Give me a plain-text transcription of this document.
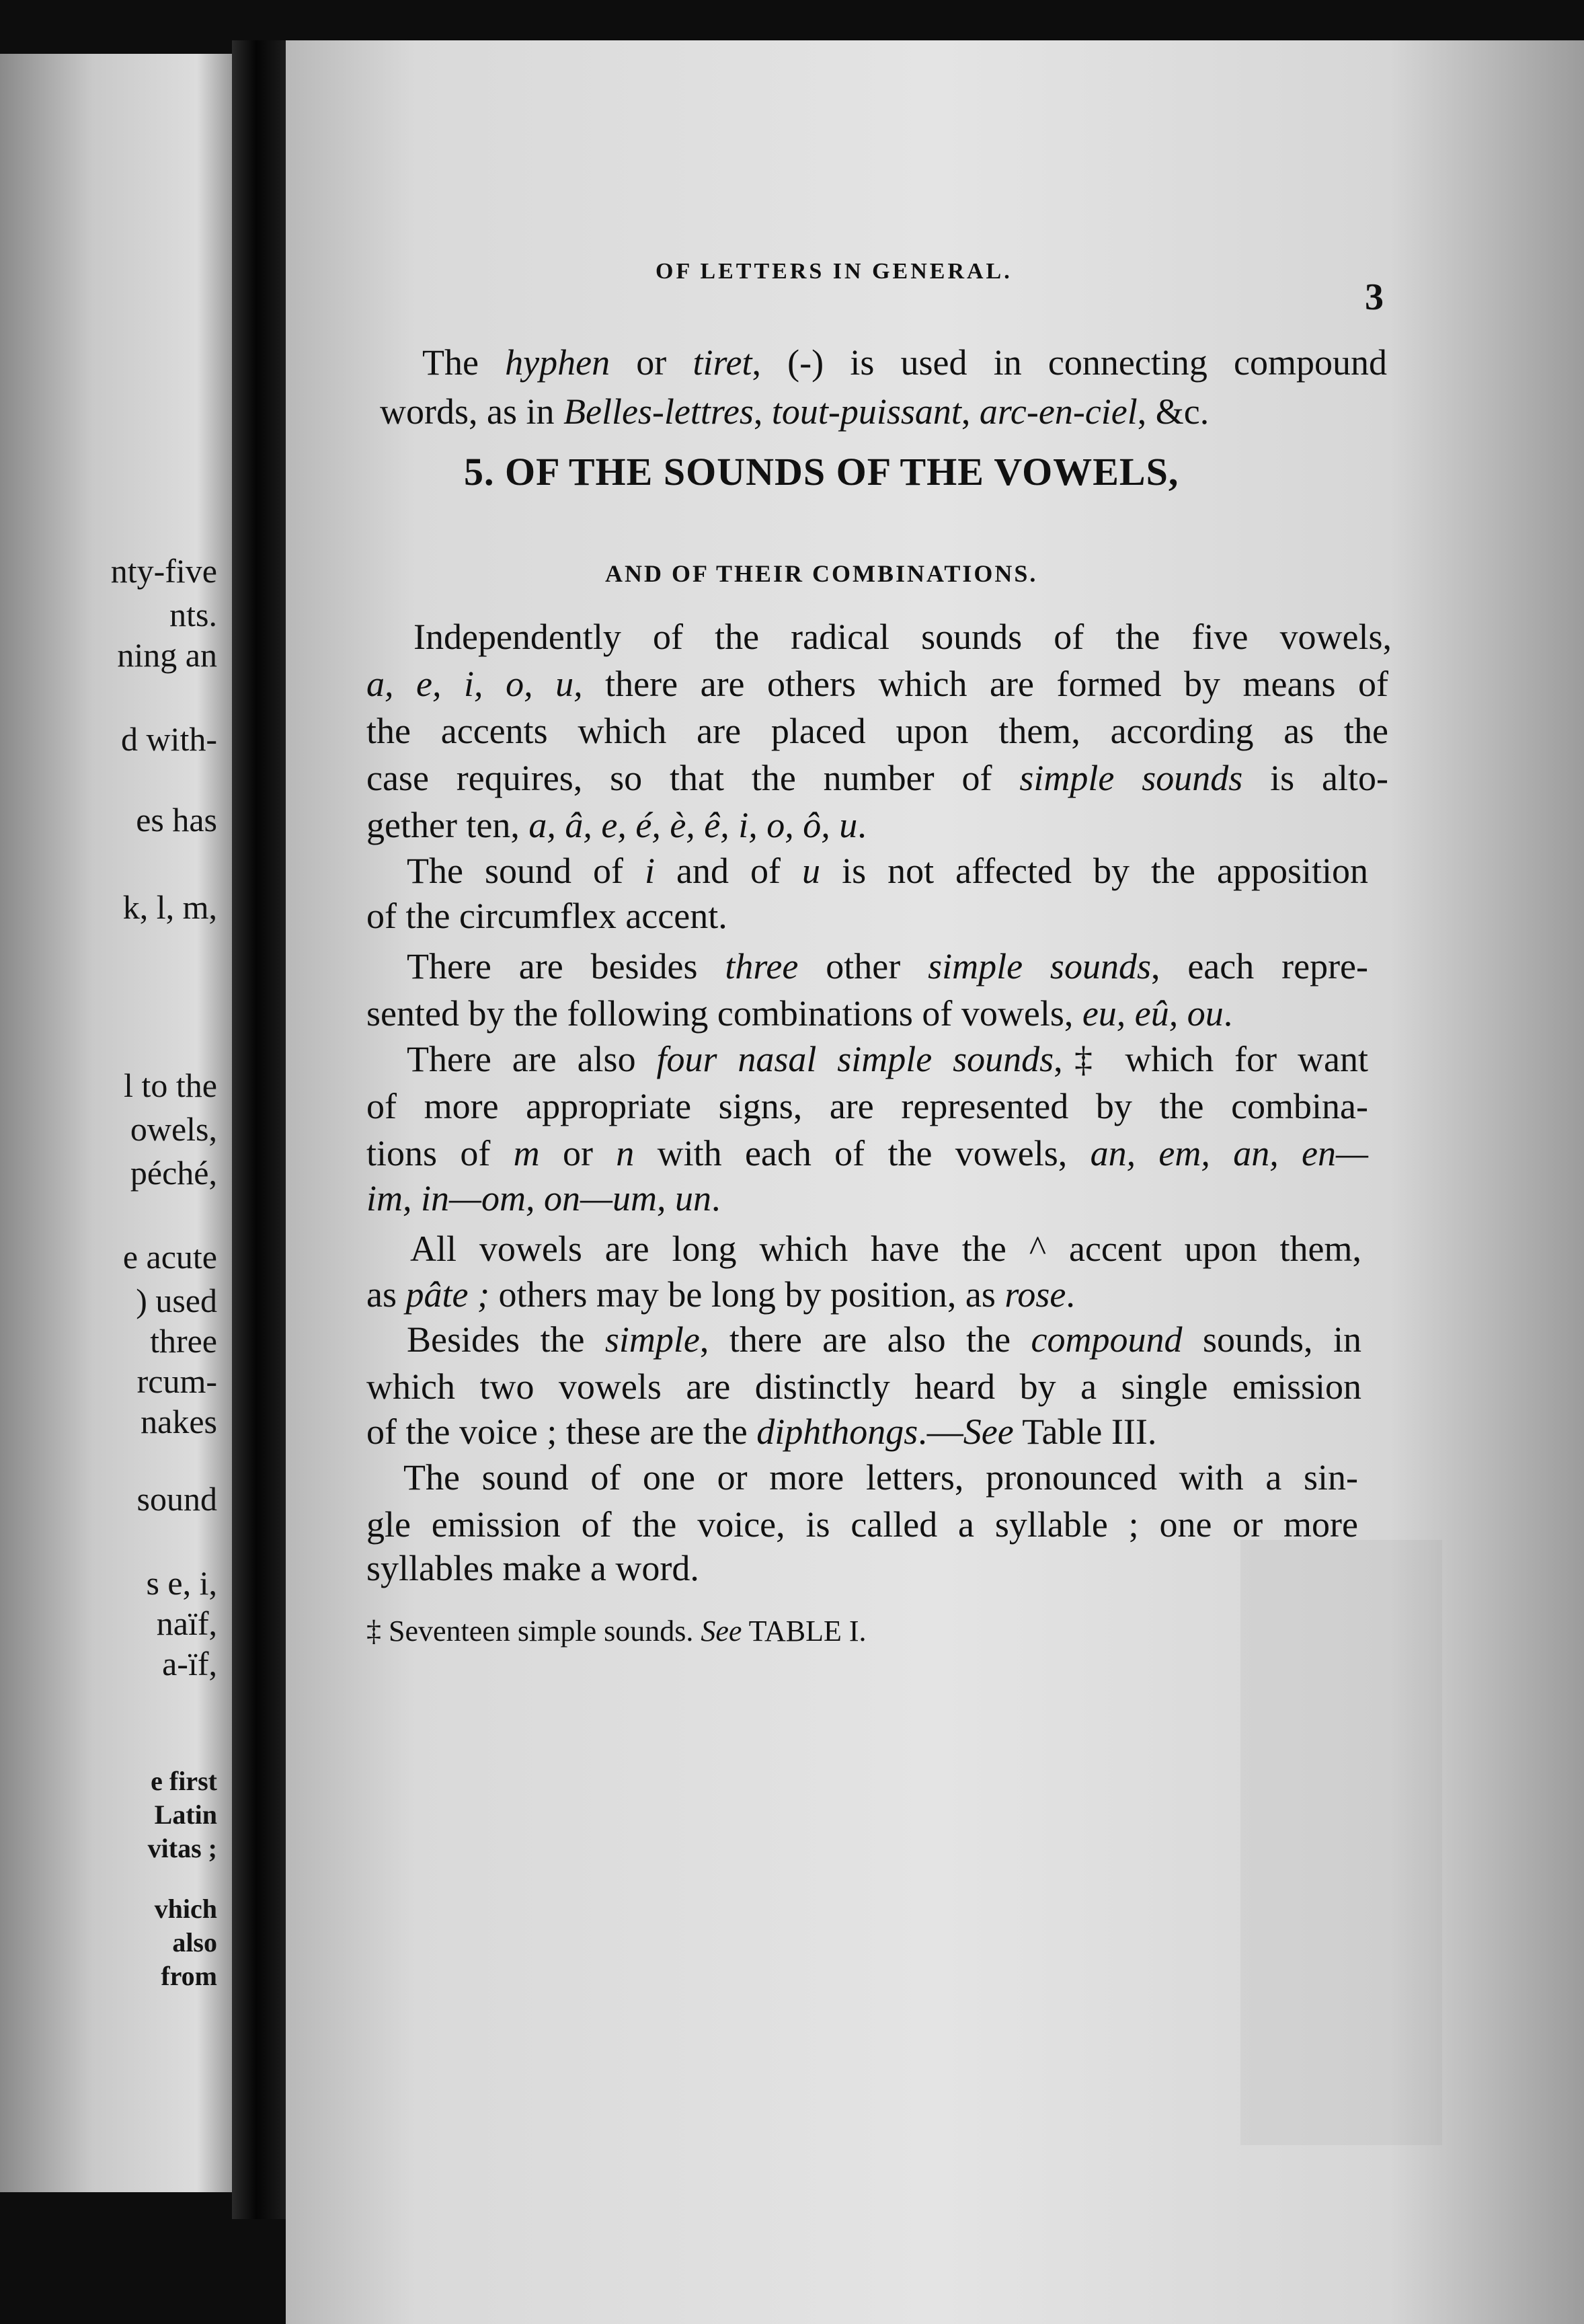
nty-five
nts.
ning an
d with-
es has
k, l, m,
l to the
owels,
péché,
e acute
) used
three
rcum-
nakes
sound
s e, i,
naïf,
a-ïf,
e first
Latin
vitas ;
vhich
also
from
OF LETTERS IN GENERAL.
3
The hyphen or tiret, (-) is used in connecting compound
words, as in Belles-lettres, tout-puissant, arc-en-ciel, &c.
5. OF THE SOUNDS OF THE VOWELS,
AND OF THEIR COMBINATIONS.
Independently of the radical sounds of the five vowels,
a, e, i, o, u, there are others which are formed by means of
the accents which are placed upon them, according as the
case requires, so that the number of simple sounds is alto-
gether ten, a, â, e, é, è, ê, i, o, ô, u.
The sound of i and of u is not affected by the apposition
of the circumflex accent.
There are besides three other simple sounds, each repre-
sented by the following combinations of vowels, eu, eû, ou.
There are also four nasal simple sounds,‡ which for want
of more appropriate signs, are represented by the combina-
tions of m or n with each of the vowels, an, em, an, en—
im, in—om, on—um, un.
All vowels are long which have the ^ accent upon them,
as pâte ; others may be long by position, as rose.
Besides the simple, there are also the compound sounds, in
which two vowels are distinctly heard by a single emission
of the voice ; these are the diphthongs.—See Table III.
The sound of one or more letters, pronounced with a sin-
gle emission of the voice, is called a syllable ; one or more
syllables make a word.
‡ Seventeen simple sounds. See TABLE I.
